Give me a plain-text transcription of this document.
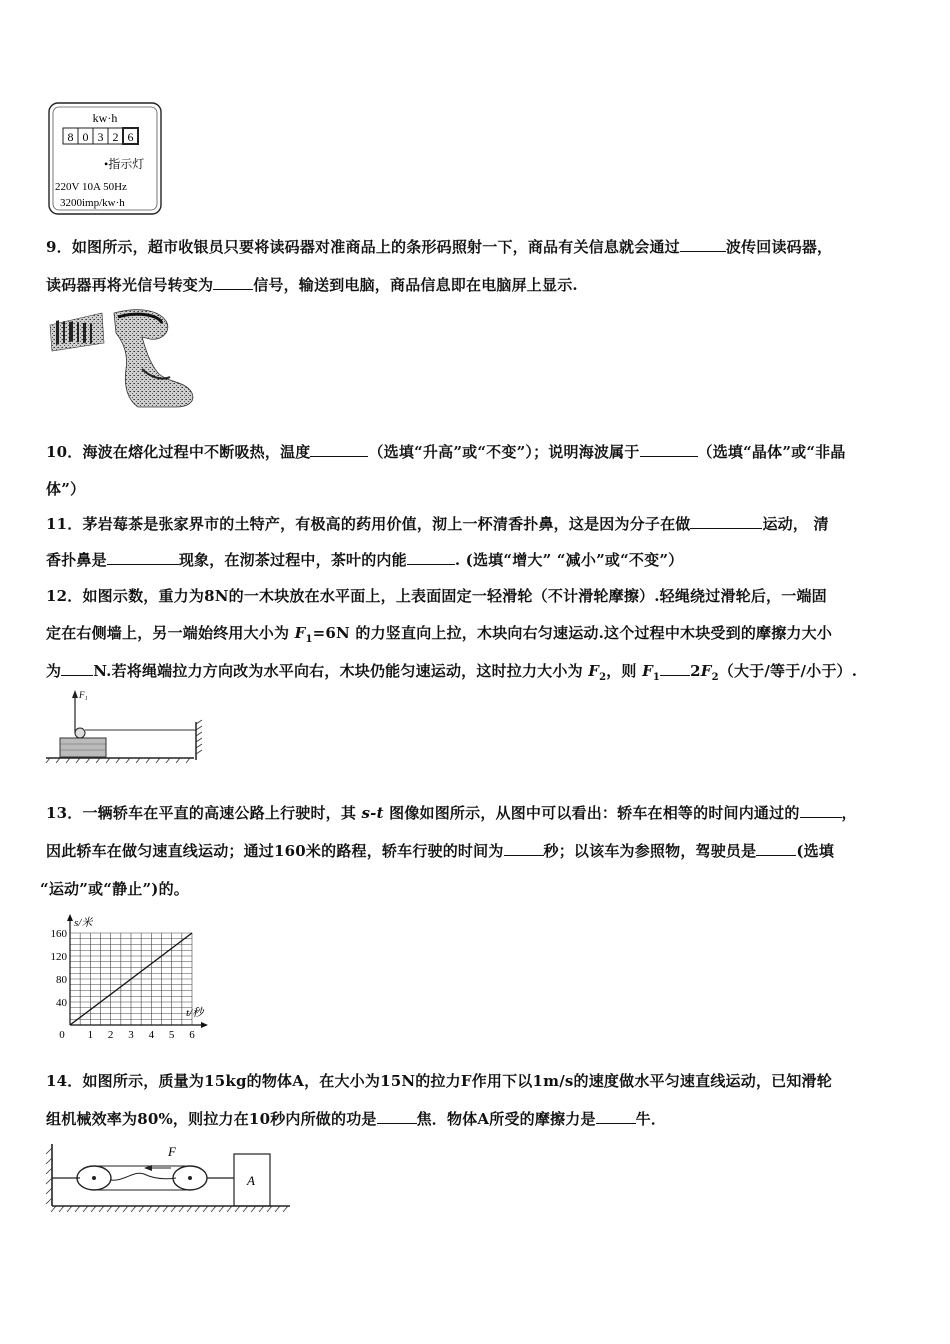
kw·h
8 0 3 2 6
•指示灯
220V 10A 50Hz
3200imp/kw·h
9．如图所示，超市收银员只要将读码器对准商品上的条形码照射一下，商品有关信息就会通过	波传回读码器，
读码器再将光信号转变为	信号，输送到电脑，商品信息即在电脑屏上显示.
10．海波在熔化过程中不断吸热，温度	（选填“升高”或“不变”）；说明海波属于	（选填“晶体”或“非晶
体”）
11．茅岩莓茶是张家界市的土特产，有极高的药用价值，沏上一杯清香扑鼻，这是因为分子在做	运动， 清
香扑鼻是	现象，在沏茶过程中，茶叶的内能	. (选填“增大” “减小”或“不变”）
12．如图示数，重力为8N的一木块放在水平面上，上表面固定一轻滑轮（不计滑轮摩擦）.轻绳绕过滑轮后，一端固
定在右侧墙上，另一端始终用大小为 $F_1=6N$ 的力竖直向上拉，木块向右匀速运动.这个过程中木块受到的摩擦力大小
为 N.若将绳端拉力方向改为水平向右，木块仍能匀速运动，这时拉力大小为 $F_2$，则 $F_1$ $2F_2$（大于/等于/小于）.
F₁
13．一辆轿车在平直的高速公路上行驶时，其 s-t 图像如图所示，从图中可以看出：轿车在相等的时间内通过的	，
因此轿车在做匀速直线运动；通过160米的路程，轿车行驶的时间为	秒；以该车为参照物，驾驶员是	(选填
“运动”或“静止”)的。
s/米
t/秒
40
80
120
160
0 1 2 3 4 5 6
14．如图所示，质量为15kg的物体A，在大小为15N的拉力F作用下以1m/s的速度做水平匀速直线运动，已知滑轮
组机械效率为80%，则拉力在10秒内所做的功是	焦．物体A所受的摩擦力是	牛．
F
A
